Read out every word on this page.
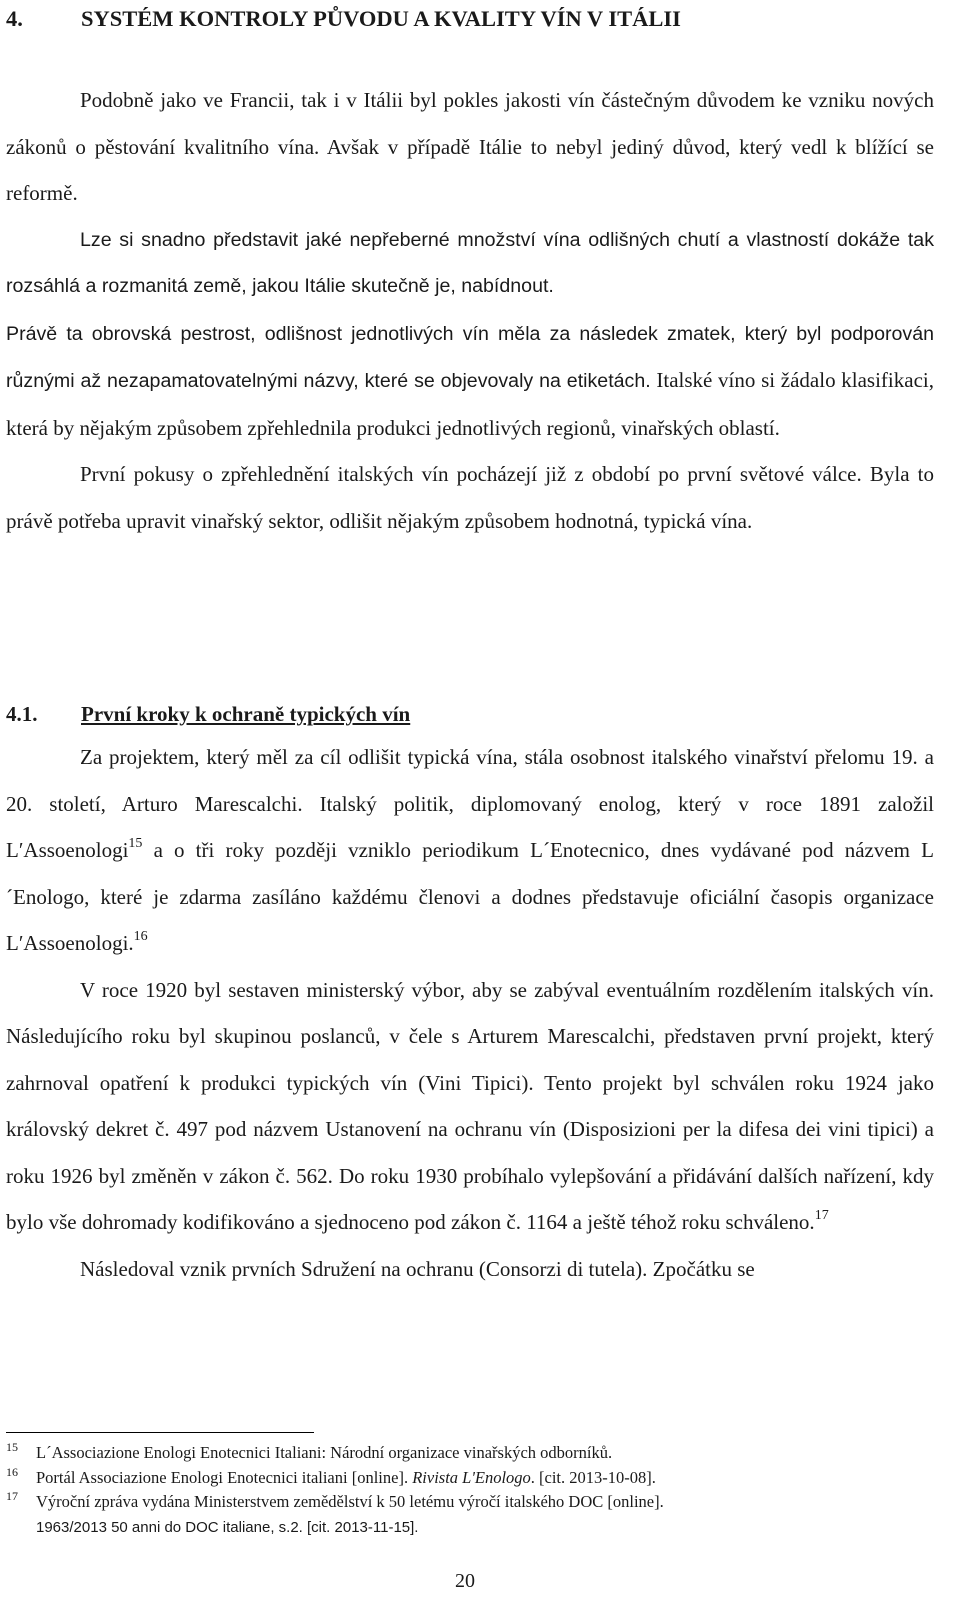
4.	SYSTÉM KONTROLY PŮVODU A KVALITY VÍN V ITÁLII

Podobně jako ve Francii, tak i v Itálii byl pokles jakosti vín částečným důvodem ke vzniku nových zákonů o pěstování kvalitního vína. Avšak v případě Itálie to nebyl jediný důvod, který vedl k blížící se reformě.

Lze si snadno představit jaké nepřeberné množství vína odlišných chutí a vlastností dokáže tak rozsáhlá a rozmanitá země, jakou Itálie skutečně je, nabídnout.

Právě ta obrovská pestrost, odlišnost jednotlivých vín měla za následek zmatek, který byl podporován různými až nezapamatovatelnými názvy, které se objevovaly na etiketách. Italské víno si žádalo klasifikaci, která by nějakým způsobem zpřehlednila produkci jednotlivých regionů, vinařských oblastí.

První pokusy o zpřehlednění italských vín pocházejí již z období po první světové válce. Byla to právě potřeba upravit vinařský sektor, odlišit nějakým způsobem hodnotná, typická vína.

4.1. První kroky k ochraně typických vín

Za projektem, který měl za cíl odlišit typická vína, stála osobnost italského vinařství přelomu 19. a 20. století, Arturo Marescalchi. Italský politik, diplomovaný enolog, který v roce 1891 založil L′Assoenologi$^{15}$ a o tři roky později vzniklo periodikum L´Enotecnico, dnes vydávané pod názvem L´Enologo, které je zdarma zasíláno každému členovi a dodnes představuje oficiální časopis organizace L′Assoenologi.$^{16}$

V roce 1920 byl sestaven ministerský výbor, aby se zabýval eventuálním rozdělením italských vín. Následujícího roku byl skupinou poslanců, v čele s Arturem Marescalchi, představen první projekt, který zahrnoval opatření k produkci typických vín (Vini Tipici). Tento projekt byl schválen roku 1924 jako královský dekret č. 497 pod názvem Ustanovení na ochranu vín (Disposizioni per la difesa dei vini tipici) a roku 1926 byl změněn v zákon č. 562. Do roku 1930 probíhalo vylepšování a přidávání dalších nařízení, kdy bylo vše dohromady kodifikováno a sjednoceno pod zákon č. 1164 a ještě téhož roku schváleno.$^{17}$

Následoval vznik prvních Sdružení na ochranu (Consorzi di tutela). Zpočátku se

15 L´Associazione Enologi Enotecnici Italiani: Národní organizace vinařských odborníků.
16 Portál Associazione Enologi Enotecnici italiani [online]. Rivista L'Enologo. [cit. 2013-10-08].
17 Výroční zpráva vydána Ministerstvem zemědělství k 50 letému výročí italského DOC [online].
1963/2013 50 anni do DOC italiane, s.2. [cit. 2013-11-15].
20
